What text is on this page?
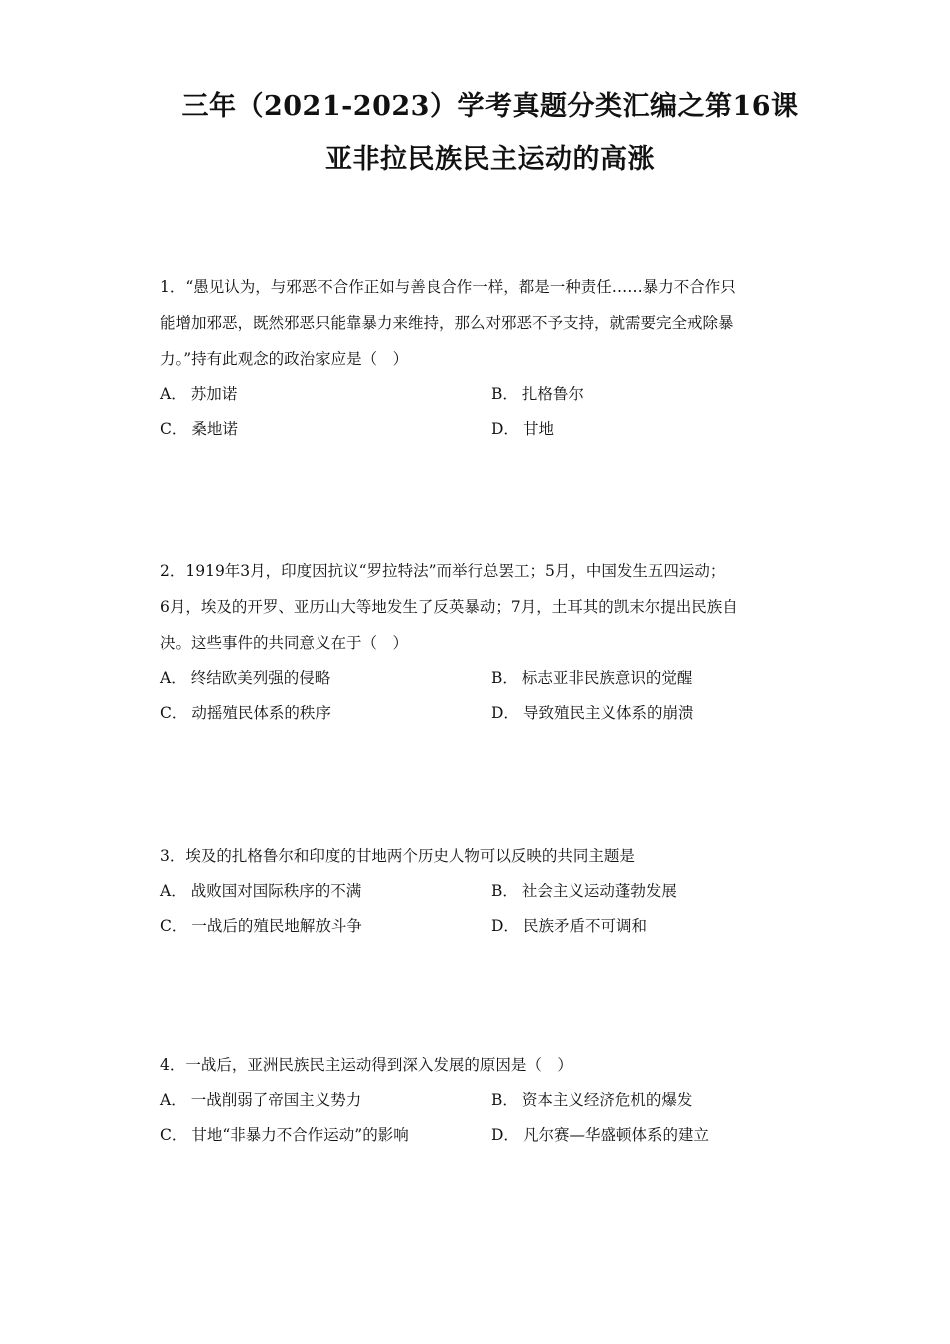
三年（2021-2023）学考真题分类汇编之第16课
亚非拉民族民主运动的高涨
1．“愚见认为，与邪恶不合作正如与善良合作一样，都是一种责任……暴力不合作只
能增加邪恶，既然邪恶只能靠暴力来维持，那么对邪恶不予支持，就需要完全戒除暴
力。”持有此观念的政治家应是（　）
A． 苏加诺	B． 扎格鲁尔
C． 桑地诺	D． 甘地
2．1919年3月，印度因抗议“罗拉特法”而举行总罢工；5月，中国发生五四运动；
6月，埃及的开罗、亚历山大等地发生了反英暴动；7月，土耳其的凯末尔提出民族自
决。这些事件的共同意义在于（　）
A． 终结欧美列强的侵略	B． 标志亚非民族意识的觉醒
C． 动摇殖民体系的秩序	D． 导致殖民主义体系的崩溃
3．埃及的扎格鲁尔和印度的甘地两个历史人物可以反映的共同主题是
A． 战败国对国际秩序的不满	B． 社会主义运动蓬勃发展
C． 一战后的殖民地解放斗争	D． 民族矛盾不可调和
4．一战后，亚洲民族民主运动得到深入发展的原因是（　）
A． 一战削弱了帝国主义势力	B． 资本主义经济危机的爆发
C． 甘地“非暴力不合作运动”的影响	D． 凡尔赛—华盛顿体系的建立
